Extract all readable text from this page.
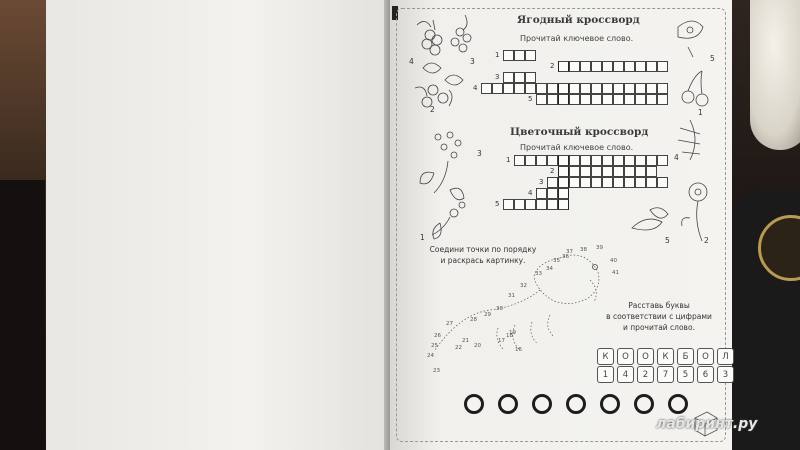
Ягодный кроссворд
Прочитай ключевое слово.
1
2
3
4
5
4	3
2
5
1
Цветочный кроссворд
Прочитай ключевое слово.
1
2
3
4
5
3	4
1	5	2
Соедини точки по порядку
и раскрась картинку.
38 39
40
41
37
36
35
34
33
32
31
30
29
28
27
26
25
24
23
22
21
20
19
18
17
16
Расставь буквы
в соответствии с цифрами
и прочитай слово.
К	О	О	К	Б	О	Л
1	4	2	7	5	6	3
лабиринт.ру
